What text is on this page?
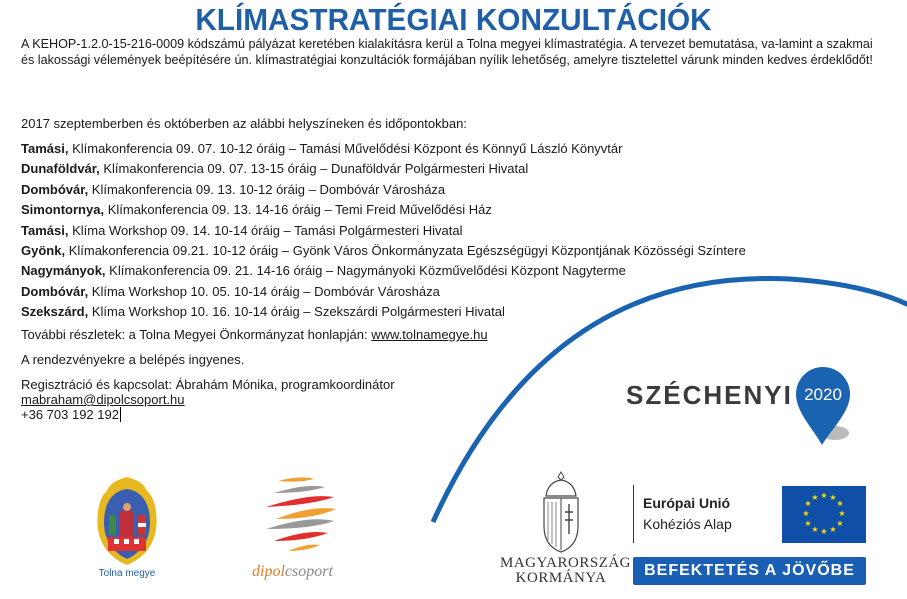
KLÍMASTRATÉGIAI KONZULTÁCIÓK
A KEHOP-1.2.0-15-216-0009 kódszámú pályázat keretében kialakításra kerül a Tolna megyei klímastratégia. A tervezet bemutatása, va-lamint a szakmai és lakossági vélemények beépítésére ún. klímastratégiai konzultációk formájában nyílik lehetőség, amelyre tisztelettel várunk minden kedves érdeklődőt!
2017 szeptemberben és októberben az alábbi helyszíneken és időpontokban:
Tamási, Klímakonferencia 09. 07. 10-12 óráig – Tamási Művelődési Központ és Könnyű László Könyvtár
Dunaföldvár, Klímakonferencia 09. 07. 13-15 óráig – Dunaföldvár Polgármesteri Hivatal
Dombóvár, Klímakonferencia 09. 13. 10-12 óráig – Dombóvár Városháza
Simontornya, Klímakonferencia 09. 13. 14-16 óráig – Temi Freid Művelődési Ház
Tamási, Klíma Workshop 09. 14. 10-14 óráig – Tamási Polgármesteri Hivatal
Gyönk, Klímakonferencia 09.21. 10-12 óráig – Gyönk Város Önkormányzata Egészségügyi Központjának Közösségi Színtere
Nagymányok, Klímakonferencia 09. 21. 14-16 óráig – Nagymányoki Közművelődési Központ Nagyterme
Dombóvár, Klíma Workshop 10. 05. 10-14 óráig – Dombóvár Városháza
Szekszárd, Klíma Workshop 10. 16. 10-14 óráig – Szekszárdi Polgármesteri Hivatal
További részletek: a Tolna Megyei Önkormányzat honlapján: www.tolnamegye.hu
A rendezvényekre a belépés ingyenes.
Regisztráció és kapcsolat: Ábrahám Mónika, programkoordinátor
mabraham@dipolcsoport.hu
+36 703 192 192
SZÉCHENYI 2020
Tolna megye	dipolcsoport	MAGYARORSZÁG
KORMÁNYA
Európai Unió
Kohéziós Alap
★ ★
★
★
★
★
★
★
★
★
★
★
BEFEKTETÉS A JÖVŐBE
